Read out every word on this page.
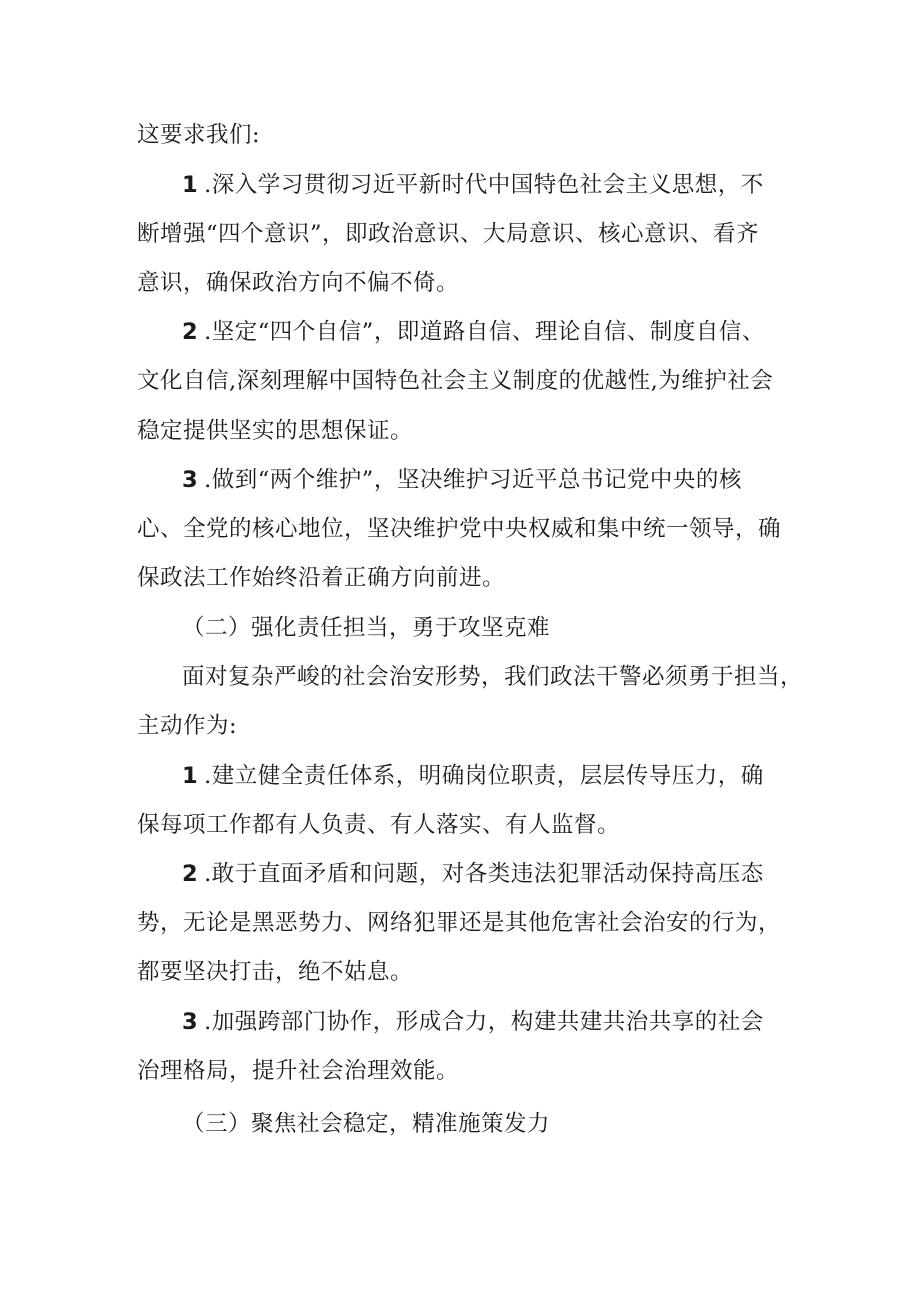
这要求我们:
1 .深入学习贯彻习近平新时代中国特色社会主义思想，不
断增强“四个意识”，即政治意识、大局意识、核心意识、看齐
意识，确保政治方向不偏不倚。
2 .坚定“四个自信”，即道路自信、理论自信、制度自信、
文化自信,深刻理解中国特色社会主义制度的优越性,为维护社会
稳定提供坚实的思想保证。
3 .做到“两个维护”，坚决维护习近平总书记党中央的核
心、全党的核心地位，坚决维护党中央权威和集中统一领导，确
保政法工作始终沿着正确方向前进。
（二）强化责任担当，勇于攻坚克难
面对复杂严峻的社会治安形势，我们政法干警必须勇于担当，
主动作为:
1 .建立健全责任体系，明确岗位职责，层层传导压力，确
保每项工作都有人负责、有人落实、有人监督。
2 .敢于直面矛盾和问题，对各类违法犯罪活动保持高压态
势，无论是黑恶势力、网络犯罪还是其他危害社会治安的行为，
都要坚决打击，绝不姑息。
3 .加强跨部门协作，形成合力，构建共建共治共享的社会
治理格局，提升社会治理效能。
（三）聚焦社会稳定，精准施策发力
